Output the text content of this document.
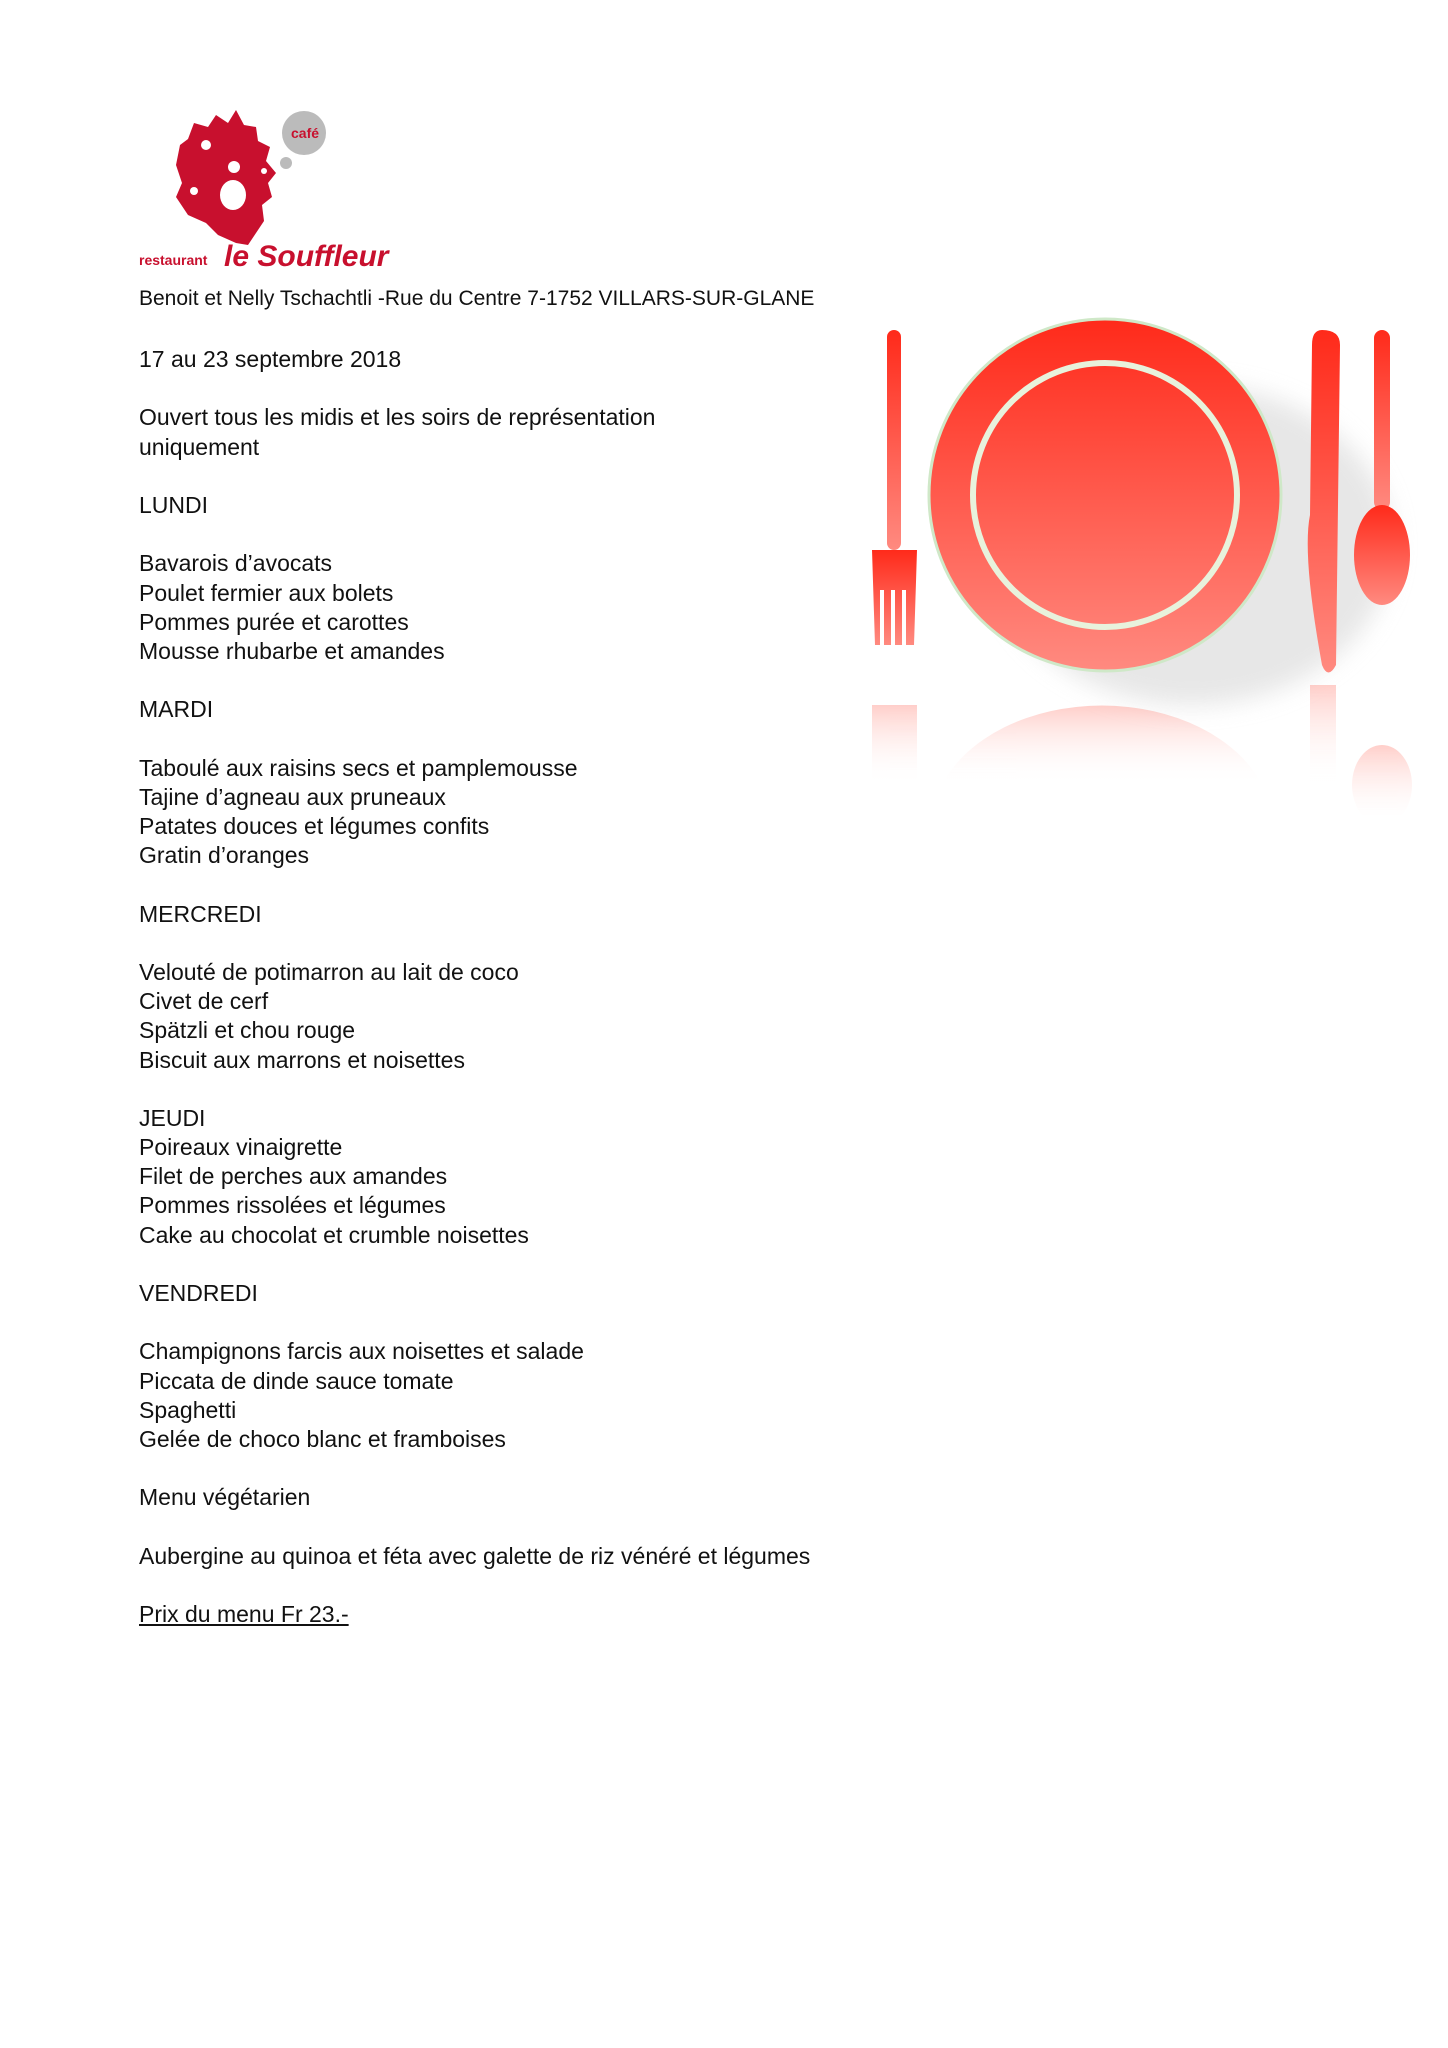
café
restaurant le Souffleur
Benoit et Nelly Tschachtli -Rue du Centre 7-1752 VILLARS-SUR-GLANE
17 au 23 septembre 2018
Ouvert tous les midis et les soirs de représentation
uniquement
LUNDI
Bavarois d’avocats
Poulet fermier aux bolets
Pommes purée et carottes
Mousse rhubarbe et amandes
MARDI
Taboulé aux raisins secs et pamplemousse
Tajine d’agneau aux pruneaux
Patates douces et légumes confits
Gratin d’oranges
MERCREDI
Velouté de potimarron au lait de coco
Civet de cerf
Spätzli et chou rouge
Biscuit aux marrons et noisettes
JEUDI
Poireaux vinaigrette
Filet de perches aux amandes
Pommes rissolées et légumes
Cake au chocolat et crumble noisettes
VENDREDI
Champignons farcis aux noisettes et salade
Piccata de dinde sauce tomate
Spaghetti
Gelée de choco blanc et framboises
Menu végétarien
Aubergine au quinoa et féta avec galette de riz vénéré et légumes
Prix du menu Fr 23.-
